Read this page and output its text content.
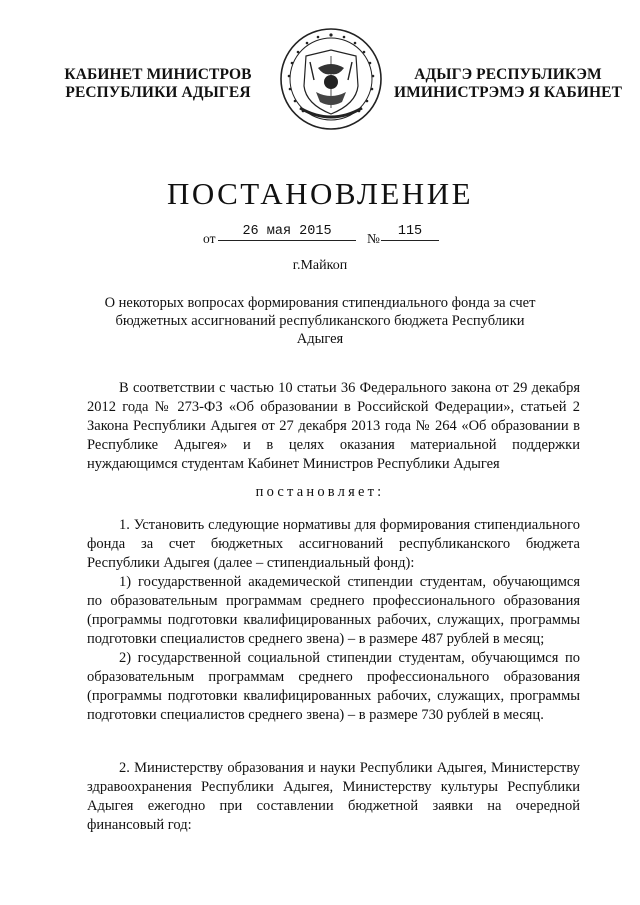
КАБИНЕТ МИНИСТРОВ
РЕСПУБЛИКИ АДЫГЕЯ
АДЫГЭ РЕСПУБЛИКЭМ
ИМИНИСТРЭМЭ Я КАБИНЕТ
ПОСТАНОВЛЕНИЕ
от	26 мая 2015	№	115
г.Майкоп
О некоторых вопросах формирования стипендиального фонда за счет бюджетных ассигнований республиканского бюджета Республики Адыгея

В соответствии с частью 10 статьи 36 Федерального закона от 29 декабря 2012 года № 273-ФЗ «Об образовании в Российской Федерации», статьей 2 Закона Республики Адыгея от 27 декабря 2013 года № 264 «Об образовании в Республике Адыгея» и в целях оказания материальной поддержки нуждающимся студентам Кабинет Министров Республики Адыгея

постановляет:

1. Установить следующие нормативы для формирования стипендиального фонда за счет бюджетных ассигнований республиканского бюджета Республики Адыгея (далее – стипендиальный фонд):

1) государственной академической стипендии студентам, обучающимся по образовательным программам среднего профессионального образования (программы подготовки квалифицированных рабочих, служащих, программы подготовки специалистов среднего звена) – в размере 487 рублей в месяц;

2) государственной социальной стипендии студентам, обучающимся по образовательным программам среднего профессионального образования (программы подготовки квалифицированных рабочих, служащих, программы подготовки специалистов среднего звена) – в размере 730 рублей в месяц.

2. Министерству образования и науки Республики Адыгея, Министерству здравоохранения Республики Адыгея, Министерству культуры Республики Адыгея ежегодно при составлении бюджетной заявки на очередной финансовый год:
